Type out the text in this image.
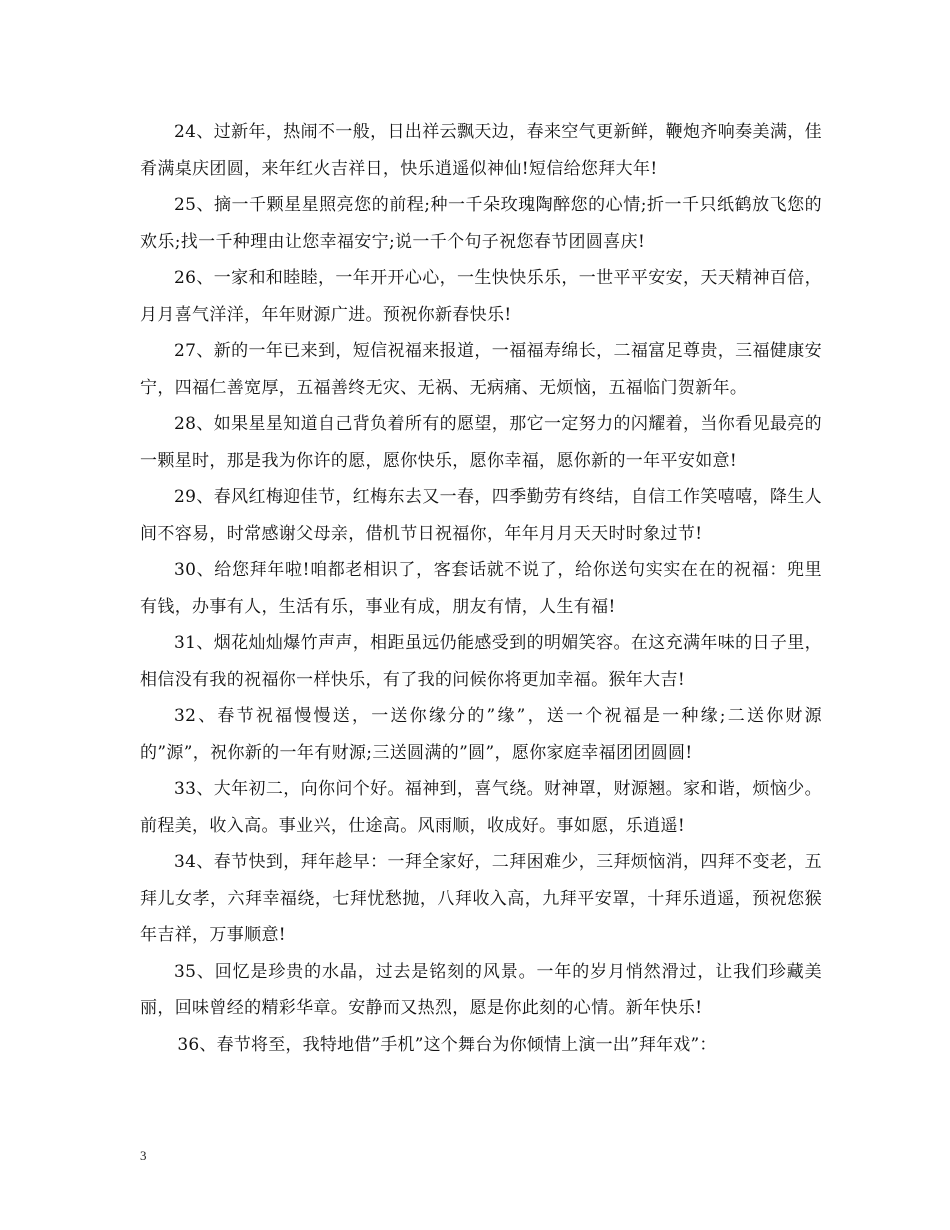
24、过新年，热闹不一般，日出祥云飘天边，春来空气更新鲜，鞭炮齐响奏美满，佳肴满桌庆团圆，来年红火吉祥日，快乐逍遥似神仙!短信给您拜大年!

25、摘一千颗星星照亮您的前程;种一千朵玫瑰陶醉您的心情;折一千只纸鹤放飞您的欢乐;找一千种理由让您幸福安宁;说一千个句子祝您春节团圆喜庆!

26、一家和和睦睦，一年开开心心，一生快快乐乐，一世平平安安，天天精神百倍，月月喜气洋洋，年年财源广进。预祝你新春快乐!

27、新的一年已来到，短信祝福来报道，一福福寿绵长，二福富足尊贵，三福健康安宁，四福仁善宽厚，五福善终无灾、无祸、无病痛、无烦恼，五福临门贺新年。

28、如果星星知道自己背负着所有的愿望，那它一定努力的闪耀着，当你看见最亮的一颗星时，那是我为你许的愿，愿你快乐，愿你幸福，愿你新的一年平安如意!

29、春风红梅迎佳节，红梅东去又一春，四季勤劳有终结，自信工作笑嘻嘻，降生人间不容易，时常感谢父母亲，借机节日祝福你，年年月月天天时时象过节!

30、给您拜年啦!咱都老相识了，客套话就不说了，给你送句实实在在的祝福：兜里有钱，办事有人，生活有乐，事业有成，朋友有情，人生有福!

31、烟花灿灿爆竹声声，相距虽远仍能感受到的明媚笑容。在这充满年味的日子里，相信没有我的祝福你一样快乐，有了我的问候你将更加幸福。猴年大吉!

32、春节祝福慢慢送，一送你缘分的”缘”，送一个祝福是一种缘;二送你财源的”源”，祝你新的一年有财源;三送圆满的”圆”，愿你家庭幸福团团圆圆!

33、大年初二，向你问个好。福神到，喜气绕。财神罩，财源翘。家和谐，烦恼少。前程美，收入高。事业兴，仕途高。风雨顺，收成好。事如愿，乐逍遥!

34、春节快到，拜年趁早：一拜全家好，二拜困难少，三拜烦恼消，四拜不变老，五拜儿女孝，六拜幸福绕，七拜忧愁抛，八拜收入高，九拜平安罩，十拜乐逍遥，预祝您猴年吉祥，万事顺意!

35、回忆是珍贵的水晶，过去是铭刻的风景。一年的岁月悄然滑过，让我们珍藏美丽，回味曾经的精彩华章。安静而又热烈，愿是你此刻的心情。新年快乐!

36、春节将至，我特地借”手机”这个舞台为你倾情上演一出”拜年戏”：

3
